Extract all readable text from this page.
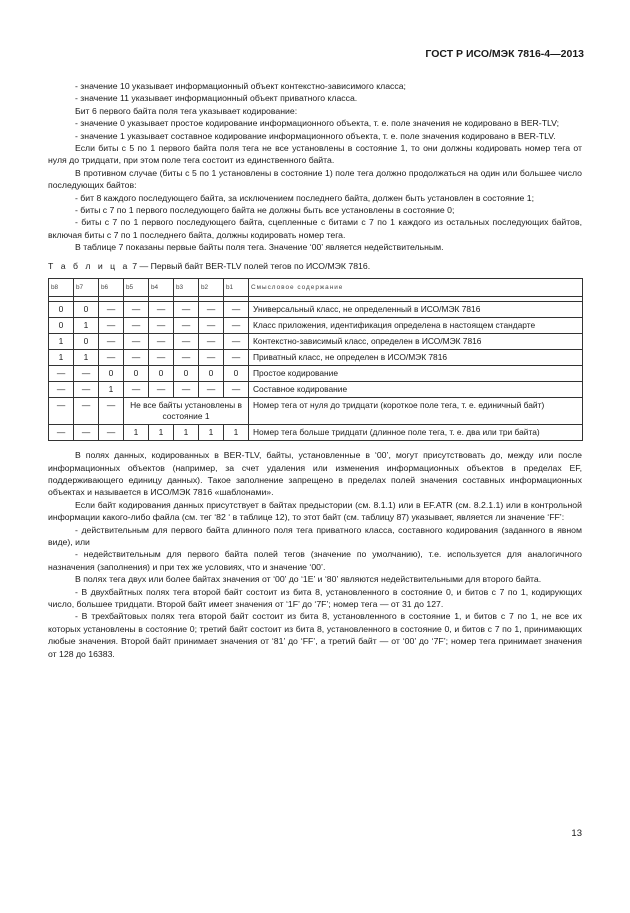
ГОСТ Р ИСО/МЭК 7816-4—2013

- значение 10 указывает информационный объект контекстно-зависимого класса;

- значение 11 указывает информационный объект приватного класса.

Бит 6 первого байта поля тега указывает кодирование:

- значение 0 указывает простое кодирование информационного объекта, т. е. поле значения не кодировано в BER-TLV;

- значение 1 указывает составное кодирование информационного объекта, т. е. поле значения кодировано в BER-TLV.

Если биты с 5 по 1 первого байта поля тега не все установлены в состояние 1, то они должны кодировать номер тега от нуля до тридцати, при этом поле тега состоит из единственного байта.

В противном случае (биты с 5 по 1 установлены в состояние 1) поле тега должно продолжаться на один или большее число последующих байтов:

- бит 8 каждого последующего байта, за исключением последнего байта, должен быть установлен в состояние 1;

- биты с 7 по 1 первого последующего байта не должны быть все установлены в состояние 0;

- биты с 7 по 1 первого последующего байта, сцепленные с битами с 7 по 1 каждого из остальных последующих байтов, включая биты с 7 по 1 последнего байта, должны кодировать номер тега.

В таблице 7 показаны первые байты поля тега. Значение ‘00’ является недействительным.

Т а б л и ц а 7 — Первый байт BER-TLV полей тегов по ИСО/МЭК 7816.
b8	b7	b6	b5	b4	b3	b2	b1	Смысловое содержание

0	0	—	—	—	—	—	—	Универсальный класс, не определенный в ИСО/МЭК 7816
0	1	—	—	—	—	—	—	Класс приложения, идентификация определена в настоящем стандарте
1	0	—	—	—	—	—	—	Контекстно-зависимый класс, определен в ИСО/МЭК 7816
1	1	—	—	—	—	—	—	Приватный класс, не определен в ИСО/МЭК 7816
—	—	0	0	0	0	0	0	Простое кодирование
—	—	1	—	—	—	—	—	Составное кодирование
—	—	—	Не все байты установлены в состояние 1					Номер тега от нуля до тридцати (короткое поле тега, т. е. единичный байт)
—	—	—	1	1	1	1	1	Номер тега больше тридцати (длинное поле тега, т. е. два или три байта)

В полях данных, кодированных в BER-TLV, байты, установленные в ‘00’, могут присутствовать до, между или после информационных объектов (например, за счет удаления или изменения информационных объектов в пределах EF, поддерживающего единицу данных). Такое заполнение запрещено в пределах полей значения составных информационных объектах и называется в ИСО/МЭК 7816 «шаблонами».

Если байт кодирования данных присутствует в байтах предыстории (см. 8.1.1) или в EF.ATR (см. 8.2.1.1) или в контрольной информации какого-либо файла (см. тег ‘82 ‘ в таблице 12), то этот байт (см. таблицу 87) указывает, является ли значение ‘FF’:

- действительным для первого байта длинного поля тега приватного класса, составного кодирования (заданного в явном виде), или

- недействительным для первого байта полей тегов (значение по умолчанию), т.е. используется для аналогичного назначения (заполнения) и при тех же условиях, что и значение ‘00’.

В полях тега двух или более байтах значения от ‘00’ до ‘1E’ и ‘80’ являются недействительными для второго байта.

- В двухбайтных полях тега второй байт состоит из бита 8, установленного в состояние 0, и битов с 7 по 1, кодирующих число, большее тридцати. Второй байт имеет значения от ‘1F’ до ‘7F’; номер тега — от 31 до 127.

- В трехбайтовых полях тега второй байт состоит из бита 8, установленного в состояние 1, и битов с 7 по 1, не все их которых установлены в состояние 0; третий байт состоит из бита 8, установленного в состояние 0, и битов с 7 по 1, принимающих любые значения. Второй байт принимает значения от ‘81’ до ‘FF’, а третий байт — от ‘00’ до ‘7F’; номер тега принимает значения от 128 до 16383.

13
